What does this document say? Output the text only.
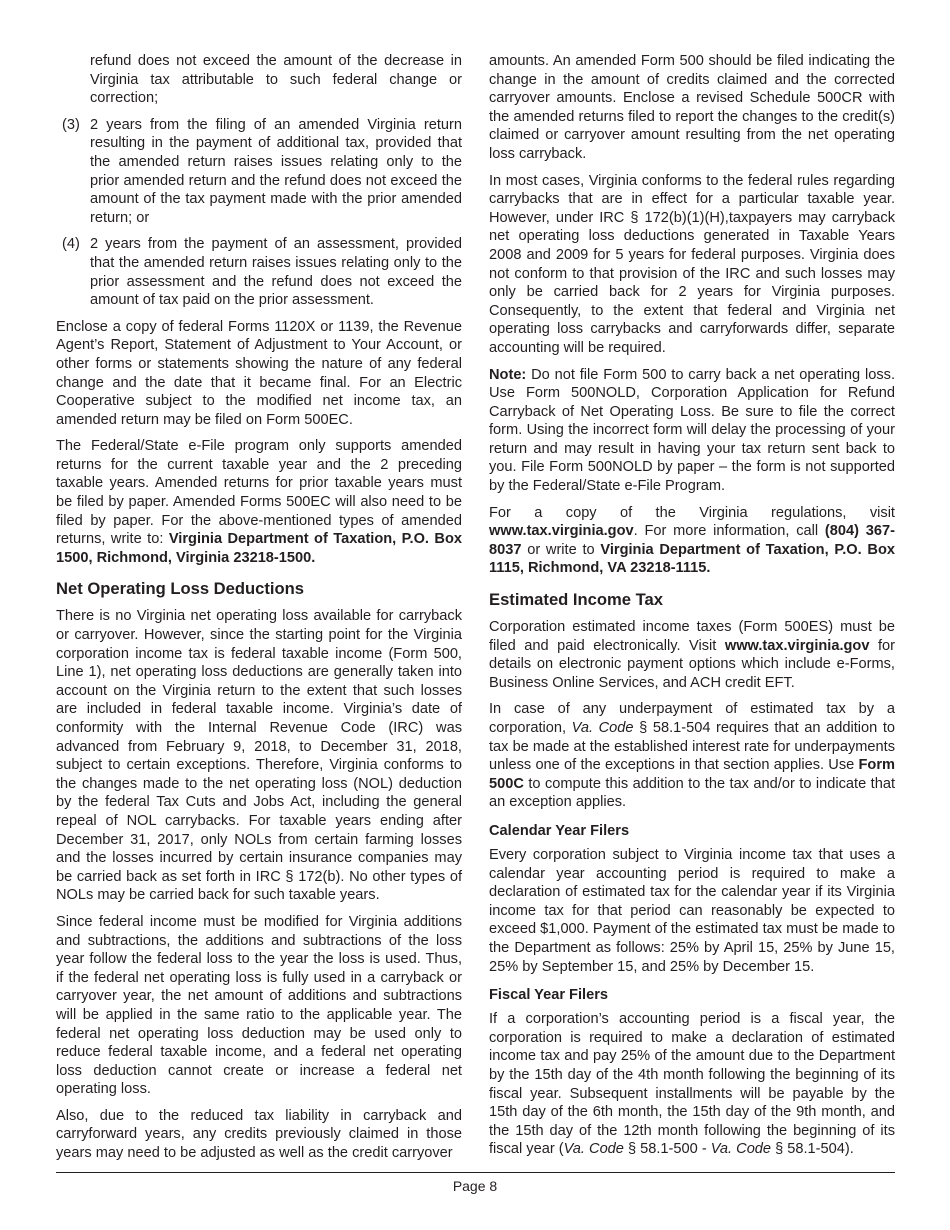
refund does not exceed the amount of the decrease in Virginia tax attributable to such federal change or correction;

(3) 2 years from the filing of an amended Virginia return resulting in the payment of additional tax, provided that the amended return raises issues relating only to the prior amended return and the refund does not exceed the amount of the tax payment made with the prior amended return; or
(4) 2 years from the payment of an assessment, provided that the amended return raises issues relating only to the prior assessment and the refund does not exceed the amount of tax paid on the prior assessment.

Enclose a copy of federal Forms 1120X or 1139, the Revenue Agent’s Report, Statement of Adjustment to Your Account, or other forms or statements showing the nature of any federal change and the date that it became final. For an Electric Cooperative subject to the modified net income tax, an amended return may be filed on Form 500EC.

The Federal/State e-File program only supports amended returns for the current taxable year and the 2 preceding taxable years. Amended returns for prior taxable years must be filed by paper. Amended Forms 500EC will also need to be filed by paper. For the above-mentioned types of amended returns, write to: Virginia Department of Taxation, P.O. Box 1500, Richmond, Virginia 23218-1500.

Net Operating Loss Deductions

There is no Virginia net operating loss available for carryback or carryover. However, since the starting point for the Virginia corporation income tax is federal taxable income (Form 500, Line 1), net operating loss deductions are generally taken into account on the Virginia return to the extent that such losses are included in federal taxable income. Virginia’s date of conformity with the Internal Revenue Code (IRC) was advanced from February 9, 2018, to December 31, 2018, subject to certain exceptions. Therefore, Virginia conforms to the changes made to the net operating loss (NOL) deduction by the federal Tax Cuts and Jobs Act, including the general repeal of NOL carrybacks. For taxable years ending after December 31, 2017, only NOLs from certain farming losses and the losses incurred by certain insurance companies may be carried back as set forth in IRC § 172(b). No other types of NOLs may be carried back for such taxable years.

Since federal income must be modified for Virginia additions and subtractions, the additions and subtractions of the loss year follow the federal loss to the year the loss is used. Thus, if the federal net operating loss is fully used in a carryback or carryover year, the net amount of additions and subtractions will be applied in the same ratio to the applicable year. The federal net operating loss deduction may be used only to reduce federal taxable income, and a federal net operating loss deduction cannot create or increase a federal net operating loss.

Also, due to the reduced tax liability in carryback and carryforward years, any credits previously claimed in those years may need to be adjusted as well as the credit carryover

amounts. An amended Form 500 should be filed indicating the change in the amount of credits claimed and the corrected carryover amounts. Enclose a revised Schedule 500CR with the amended returns filed to report the changes to the credit(s) claimed or carryover amount resulting from the net operating loss carryback.

In most cases, Virginia conforms to the federal rules regarding carrybacks that are in effect for a particular taxable year. However, under IRC § 172(b)(1)(H),taxpayers may carryback net operating loss deductions generated in Taxable Years 2008 and 2009 for 5 years for federal purposes. Virginia does not conform to that provision of the IRC and such losses may only be carried back for 2 years for Virginia purposes. Consequently, to the extent that federal and Virginia net operating loss carrybacks and carryforwards differ, separate accounting will be required.

Note: Do not file Form 500 to carry back a net operating loss. Use Form 500NOLD, Corporation Application for Refund Carryback of Net Operating Loss. Be sure to file the correct form. Using the incorrect form will delay the processing of your return and may result in having your tax return sent back to you. File Form 500NOLD by paper – the form is not supported by the Federal/State e-File Program.

For a copy of the Virginia regulations, visit www.tax.virginia.gov. For more information, call (804) 367-8037 or write to Virginia Department of Taxation, P.O. Box 1115, Richmond, VA 23218-1115.

Estimated Income Tax

Corporation estimated income taxes (Form 500ES) must be filed and paid electronically. Visit www.tax.virginia.gov for details on electronic payment options which include e-Forms, Business Online Services, and ACH credit EFT.

In case of any underpayment of estimated tax by a corporation, Va. Code § 58.1-504 requires that an addition to tax be made at the established interest rate for underpayments unless one of the exceptions in that section applies. Use Form 500C to compute this addition to the tax and/or to indicate that an exception applies.

Calendar Year Filers

Every corporation subject to Virginia income tax that uses a calendar year accounting period is required to make a declaration of estimated tax for the calendar year if its Virginia income tax for that period can reasonably be expected to exceed $1,000. Payment of the estimated tax must be made to the Department as follows: 25% by April 15, 25% by June 15, 25% by September 15, and 25% by December 15.

Fiscal Year Filers

If a corporation’s accounting period is a fiscal year, the corporation is required to make a declaration of estimated income tax and pay 25% of the amount due to the Department by the 15th day of the 4th month following the beginning of its fiscal year. Subsequent installments will be payable by the 15th day of the 6th month, the 15th day of the 9th month, and the 15th day of the 12th month following the beginning of its fiscal year (Va. Code § 58.1-500 - Va. Code § 58.1-504).

Page 8
